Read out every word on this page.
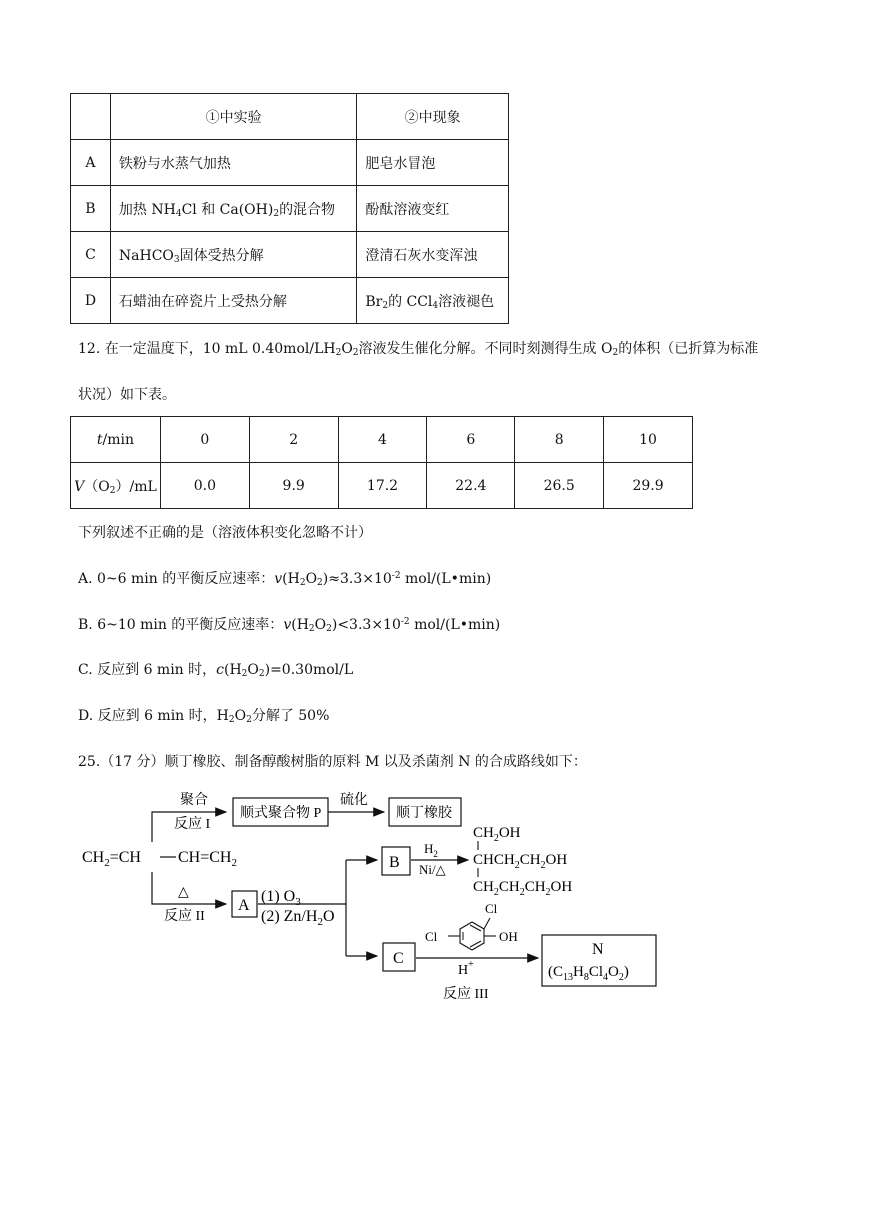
	①中实验	②中现象
A	铁粉与水蒸气加热	肥皂水冒泡
B	加热 $NH_4Cl$ 和 $Ca(OH)_2$的混合物	酚酞溶液变红
C	NaHCO$_3$固体受热分解	澄清石灰水变浑浊
D	石蜡油在碎瓷片上受热分解	$Br_2$的 CCl$_4$溶液褪色
12. 在一定温度下，10 mL $0.40mol/LH_2O_2$溶液发生催化分解。不同时刻测得生成 $O_2$的体积（已折算为标准
状况）如下表。
t/min	0	2	4	6	8	10
$V(O_2)/mL$	0.0	9.9	17.2	22.4	26.5	29.9
下列叙述不正确的是（溶液体积变化忽略不计）
A. 0~6 min 的平衡反应速率：$v(H_2O_2)\approx 3.3\times 10^{-2}$ mol/(L•min)
B. 6~10 min 的平衡反应速率：$v(H_2O_2)<3.3\times 10^{-2}$ mol/(L•min)
C. 反应到 6 min 时，$c(H_2O_2)=0.30mol/L$
D. 反应到 6 min 时，$H_2O_2$分解了 50%
25.（17 分）顺丁橡胶、制备醇酸树脂的原料 M 以及杀菌剂 N 的合成路线如下：
$CH_2=CH$ $CH=CH_2$
聚合
反应 I
顺式聚合物 P
硫化
顺丁橡胶
△
反应 II
A
(1) $O_3$
(2) $Zn/H_2O$
B
$H_2$
Ni/△
$CH_2OH$
$CHCH_2CH_2OH$
$CH_2CH_2CH_2OH$
C
H+
反应 III
Cl
Cl	OH
N
$(C_{13}H_8Cl_4O_2)$
